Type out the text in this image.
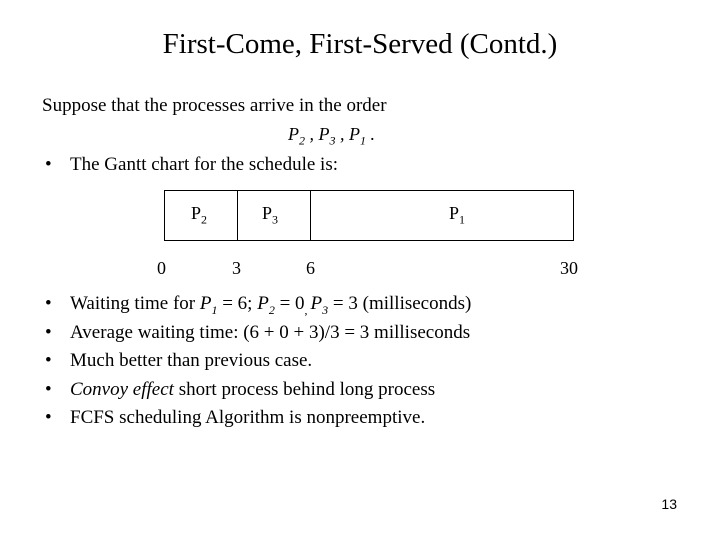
First-Come, First-Served (Contd.)
Suppose that the processes arrive in the order
$P_2$ , $P_3$ , $P_1$ .
• The Gantt chart for the schedule is:
$P_2$	$P_3$	$P_1$
0	3	6	30
• Waiting time for $P_1 = 6$; $P_2 = 0_,$ $P_3 = 3$ (milliseconds)
• Average waiting time: (6 + 0 + 3)/3 = 3 milliseconds
• Much better than previous case.
• Convoy effect short process behind long process
• FCFS scheduling Algorithm is nonpreemptive.
13
